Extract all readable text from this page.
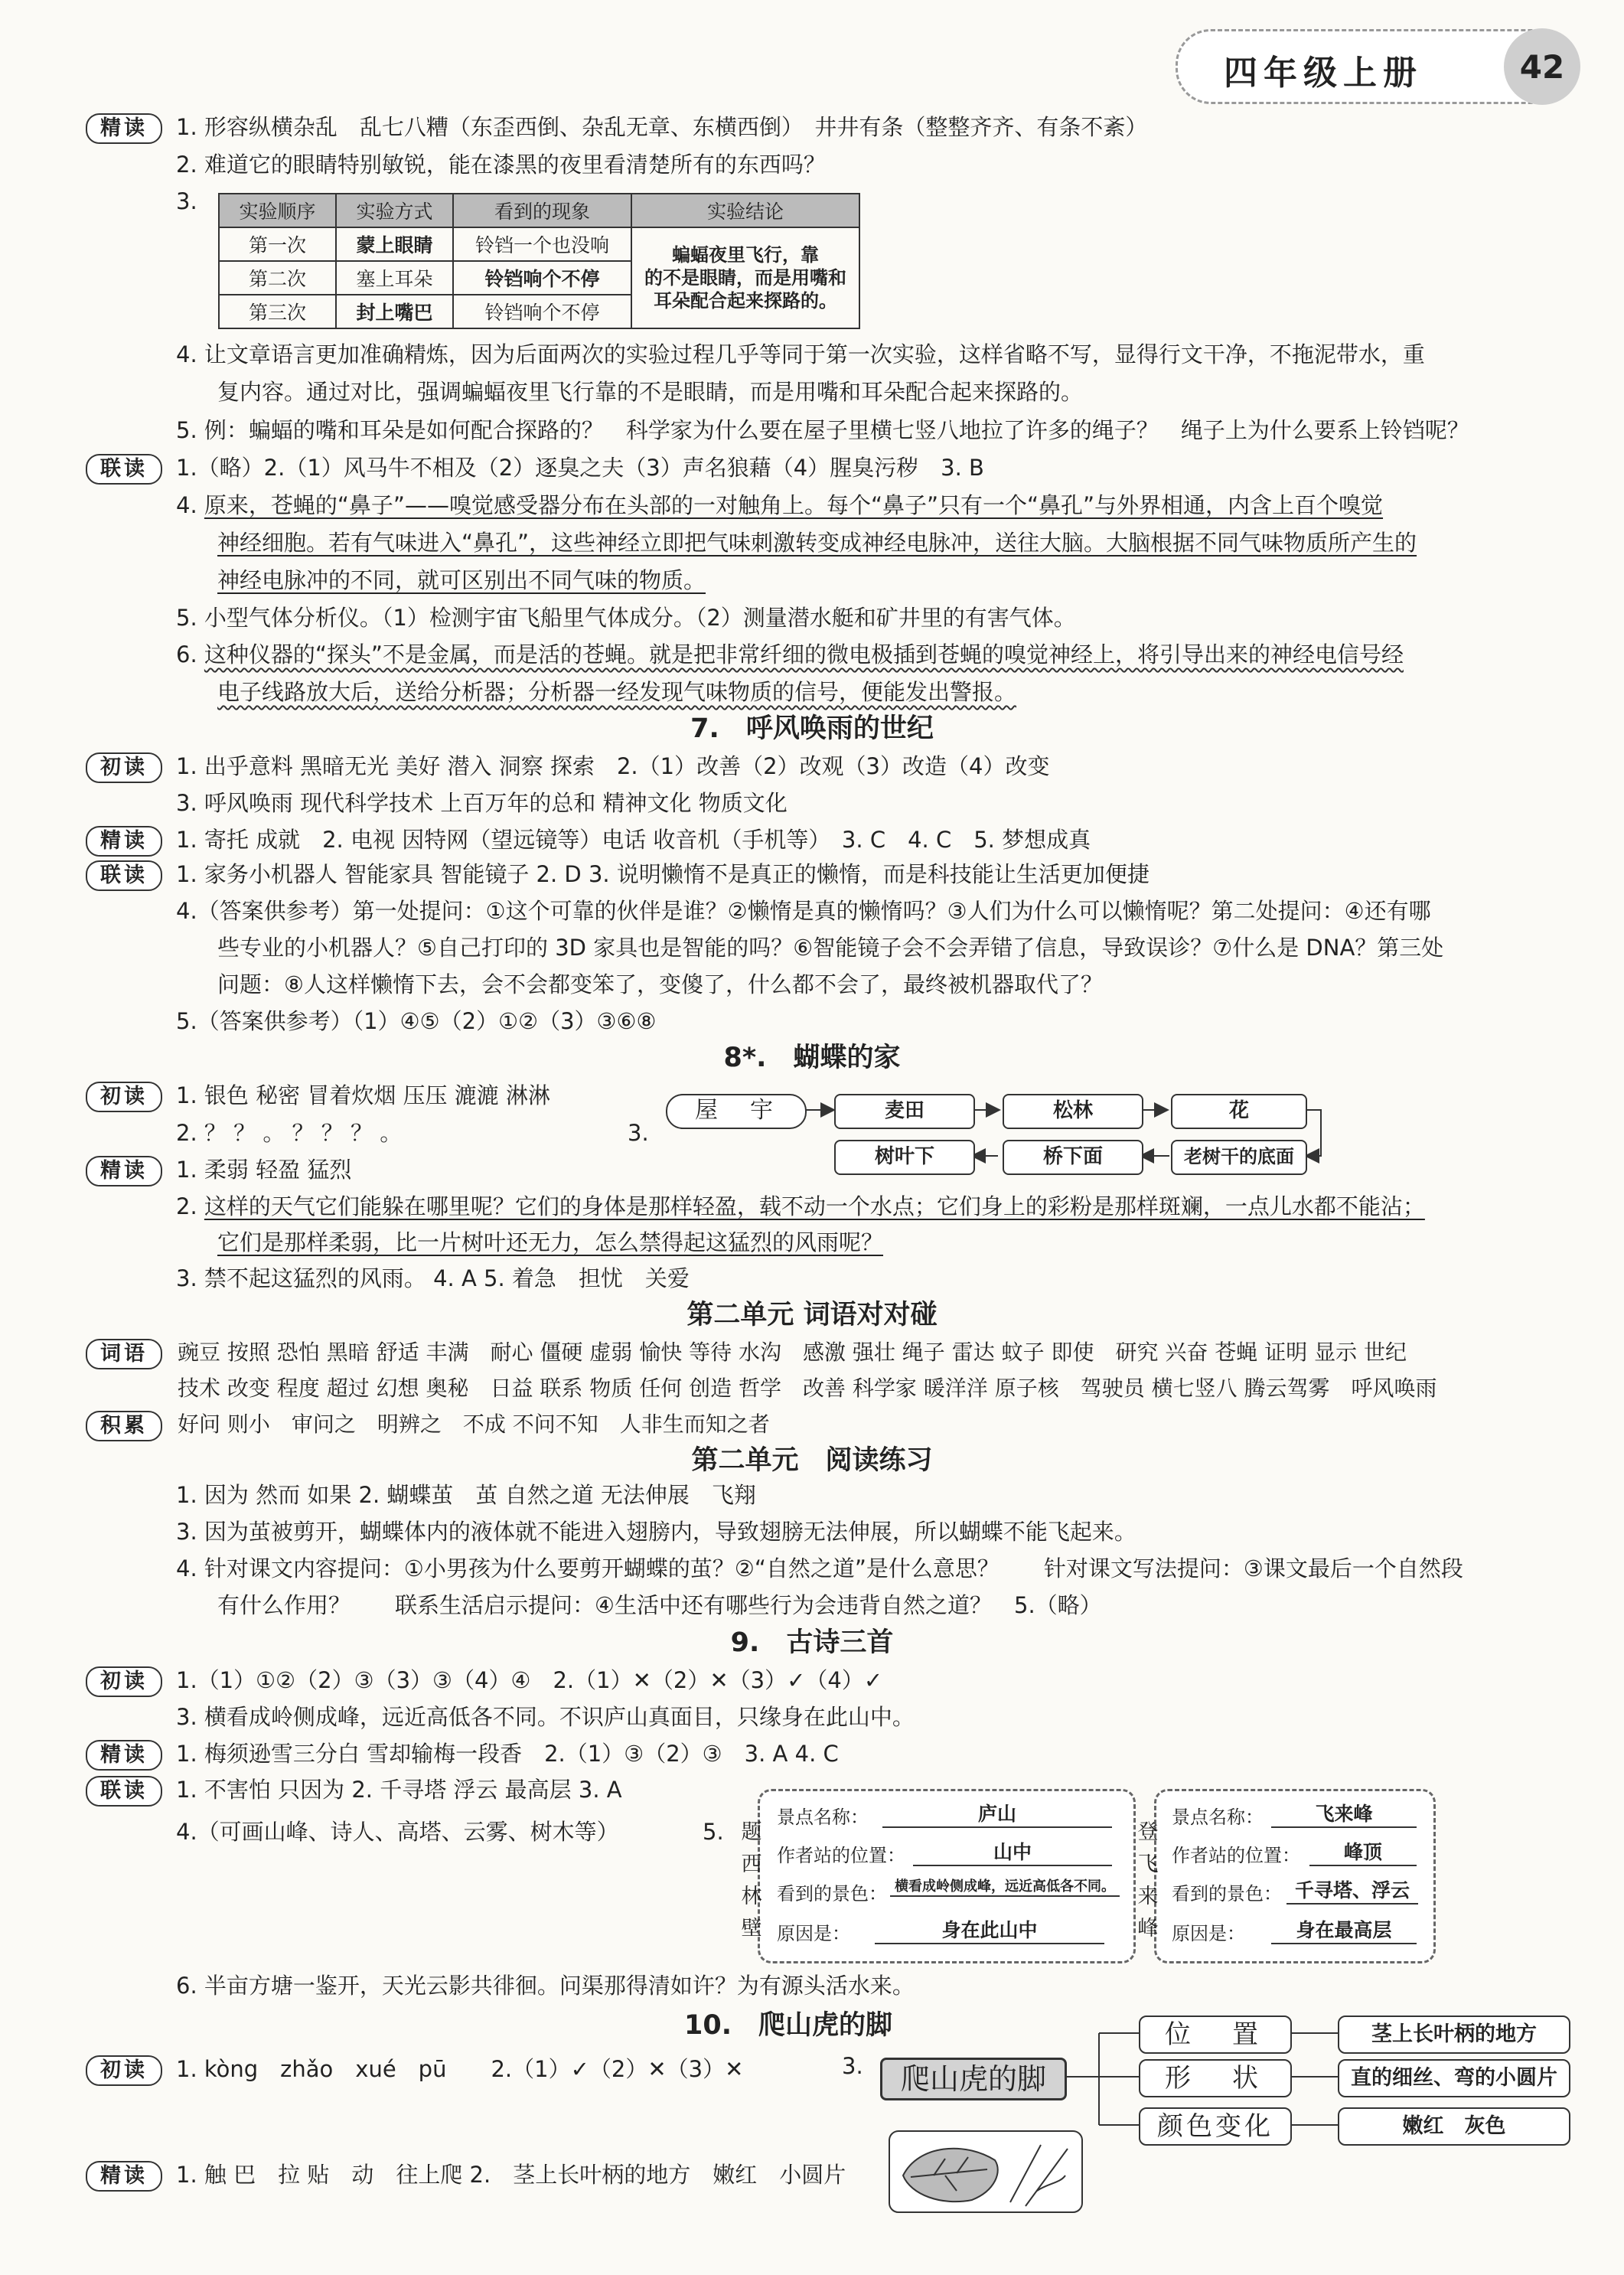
四年级上册	42
精读	1. 形容纵横杂乱　乱七八糟（东歪西倒、杂乱无章、东横西倒）　井井有条（整整齐齐、有条不紊）
2. 难道它的眼睛特别敏锐，能在漆黑的夜里看清楚所有的东西吗？
3. 实验顺序	实验方式	看到的现象	实验结论
第一次	蒙上眼睛	铃铛一个也没响	蝙蝠夜里飞行，靠
的不是眼睛，而是用嘴和
耳朵配合起来探路的。

第二次	塞上耳朵	铃铛响个不停	
第三次	封上嘴巴	铃铛响个不停	
4. 让文章语言更加准确精炼，因为后面两次的实验过程几乎等同于第一次实验，这样省略不写，显得行文干净，不拖泥带水，重
复内容。通过对比，强调蝙蝠夜里飞行靠的不是眼睛，而是用嘴和耳朵配合起来探路的。
5. 例：蝙蝠的嘴和耳朵是如何配合探路的？　科学家为什么要在屋子里横七竖八地拉了许多的绳子？　绳子上为什么要系上铃铛呢？
联读	1.（略）2.（1）风马牛不相及（2）逐臭之夫（3）声名狼藉（4）腥臭污秽　3. B
4. 原来，苍蝇的“鼻子”——嗅觉感受器分布在头部的一对触角上。每个“鼻子”只有一个“鼻孔”与外界相通，内含上百个嗅觉
神经细胞。若有气味进入“鼻孔”，这些神经立即把气味刺激转变成神经电脉冲，送往大脑。大脑根据不同气味物质所产生的
神经电脉冲的不同，就可区别出不同气味的物质。
5. 小型气体分析仪。（1）检测宇宙飞船里气体成分。（2）测量潜水艇和矿井里的有害气体。
6. 这种仪器的“探头”不是金属，而是活的苍蝇。就是把非常纤细的微电极插到苍蝇的嗅觉神经上，将引导出来的神经电信号经
电子线路放大后，送给分析器；分析器一经发现气味物质的信号，便能发出警报。
7.　呼风唤雨的世纪
初读	1. 出乎意料 黑暗无光 美好 潜入 洞察 探索　2.（1）改善（2）改观（3）改造（4）改变
3. 呼风唤雨 现代科学技术 上百万年的总和 精神文化 物质文化
精读	1. 寄托 成就　2. 电视 因特网（望远镜等）电话 收音机（手机等）　3. C　4. C　5. 梦想成真
联读	1. 家务小机器人 智能家具 智能镜子 2. D 3. 说明懒惰不是真正的懒惰，而是科技能让生活更加便捷
4.（答案供参考）第一处提问：①这个可靠的伙伴是谁？②懒惰是真的懒惰吗？③人们为什么可以懒惰呢？第二处提问：④还有哪
些专业的小机器人？⑤自己打印的 3D 家具也是智能的吗？⑥智能镜子会不会弄错了信息，导致误诊？⑦什么是 DNA？第三处
问题：⑧人这样懒惰下去，会不会都变笨了，变傻了，什么都不会了，最终被机器取代了？
5.（答案供参考）（1）④⑤（2）①②（3）③⑥⑧
8*.　蝴蝶的家
初读	1. 银色 秘密 冒着炊烟 压压 漉漉 淋淋
2. ？ ？ 。 ？ ？ ？ 。	3.
屋　宇	麦田	松林	花
老树干的底面
桥下面
树叶下
精读	1. 柔弱 轻盈 猛烈
2. 这样的天气它们能躲在哪里呢？它们的身体是那样轻盈，载不动一个水点；它们身上的彩粉是那样斑斓，一点儿水都不能沾；
它们是那样柔弱，比一片树叶还无力，怎么禁得起这猛烈的风雨呢？
3. 禁不起这猛烈的风雨。 4. A 5. 着急　担忧　关爱
第二单元 词语对对碰
词语	豌豆 按照 恐怕 黑暗 舒适 丰满　耐心 僵硬 虚弱 愉快 等待 水沟　感激 强壮 绳子 雷达 蚊子 即使　研究 兴奋 苍蝇 证明 显示 世纪
技术 改变 程度 超过 幻想 奥秘　日益 联系 物质 任何 创造 哲学　改善 科学家 暖洋洋 原子核　驾驶员 横七竖八 腾云驾雾　呼风唤雨
积累	好问 则小　审问之　明辨之　不成 不问不知　人非生而知之者
第二单元　阅读练习
1. 因为 然而 如果 2. 蝴蝶茧　茧 自然之道 无法伸展　飞翔
3. 因为茧被剪开，蝴蝶体内的液体就不能进入翅膀内，导致翅膀无法伸展，所以蝴蝶不能飞起来。
4. 针对课文内容提问：①小男孩为什么要剪开蝴蝶的茧？②“自然之道”是什么意思？　　针对课文写法提问：③课文最后一个自然段
有什么作用？　　联系生活启示提问：④生活中还有哪些行为会违背自然之道？　5.（略）
9.　古诗三首
初读	1.（1）①②（2）③（3）③（4）④　2.（1）✕（2）✕（3）✓（4）✓
3. 横看成岭侧成峰，远近高低各不同。不识庐山真面目，只缘身在此山中。
精读	1. 梅须逊雪三分白 雪却输梅一段香　2.（1）③（2）③　3. A 4. C
联读	1. 不害怕 只因为 2. 千寻塔 浮云 最高层 3. A
4.（可画山峰、诗人、高塔、云雾、树木等）	5. 题
西
林
壁
景点名称：	庐山
作者站的位置：	山中
看到的景色： 横看成岭侧成峰，远近高低各不同。
原因是：	身在此山中
登
飞
来
峰
景点名称：	飞来峰
作者站的位置：	峰顶
看到的景色： 千寻塔、浮云
原因是：	身在最高层
6. 半亩方塘一鉴开，天光云影共徘徊。问渠那得清如许？为有源头活水来。
10.　爬山虎的脚
初读	1. kòng　zhǎo　xué　pū　　2.（1）✓（2）✕（3）✕	3.	爬山虎的脚
位　置
形　状
颜色变化
茎上长叶柄的地方
直的细丝、弯的小圆片
嫩红　灰色
精读	1. 触 巴　拉 贴　动　往上爬 2.　茎上长叶柄的地方　嫩红　小圆片
